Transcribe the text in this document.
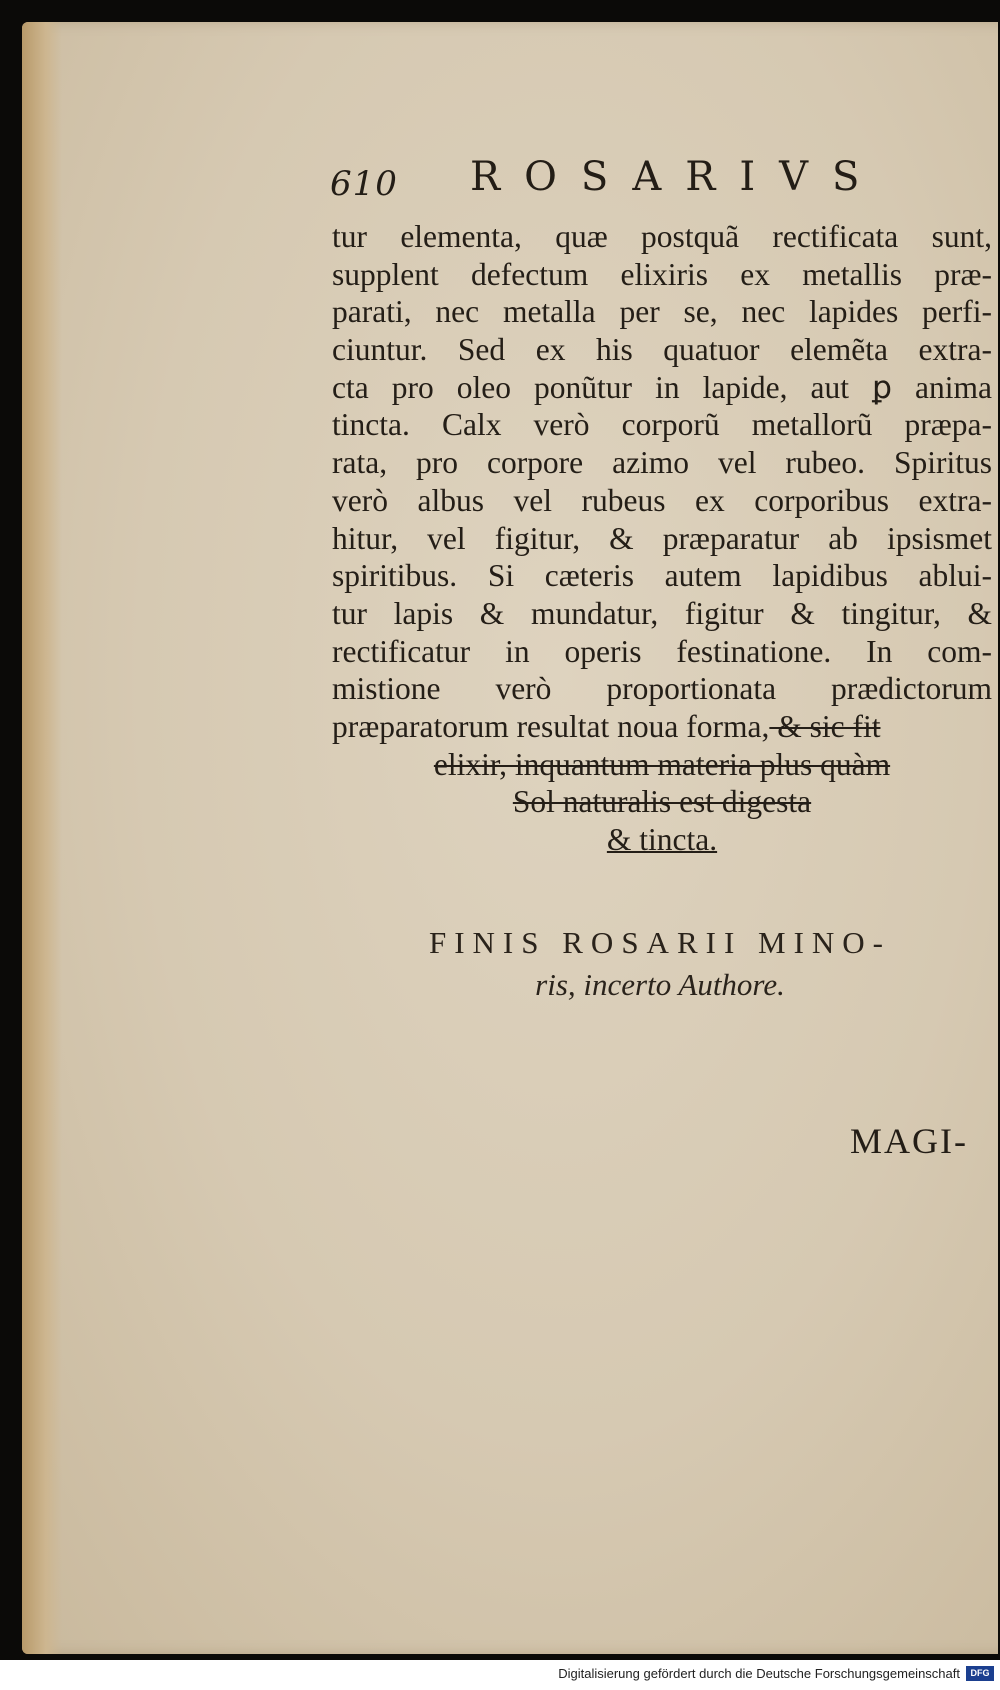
610 ROSARIVS
tur elementa, quæ postquã rectificata sunt,
supplent defectum elixiris ex metallis præ-
parati, nec metalla per se, nec lapides perfi-
ciuntur. Sed ex his quatuor elemẽta extra-
cta pro oleo ponũtur in lapide, aut ꝑ anima
tincta. Calx verò corporũ metallorũ præpa-
rata, pro corpore azimo vel rubeo. Spiritus
verò albus vel rubeus ex corporibus extra-
hitur, vel figitur, & præparatur ab ipsismet
spiritibus. Si cæteris autem lapidibus ablui-
tur lapis & mundatur, figitur & tingitur, &
rectificatur in operis festinatione. In com-
mistione verò proportionata prædictorum
præparatorum resultat noua forma, & sic fit
elixir, inquantum materia plus quàm
Sol naturalis est digesta
& tincta.
FINIS ROSARII MINO-
ris, incerto Authore.
MAGI-
Digitalisierung gefördert durch die Deutsche Forschungsgemeinschaft	DFG
